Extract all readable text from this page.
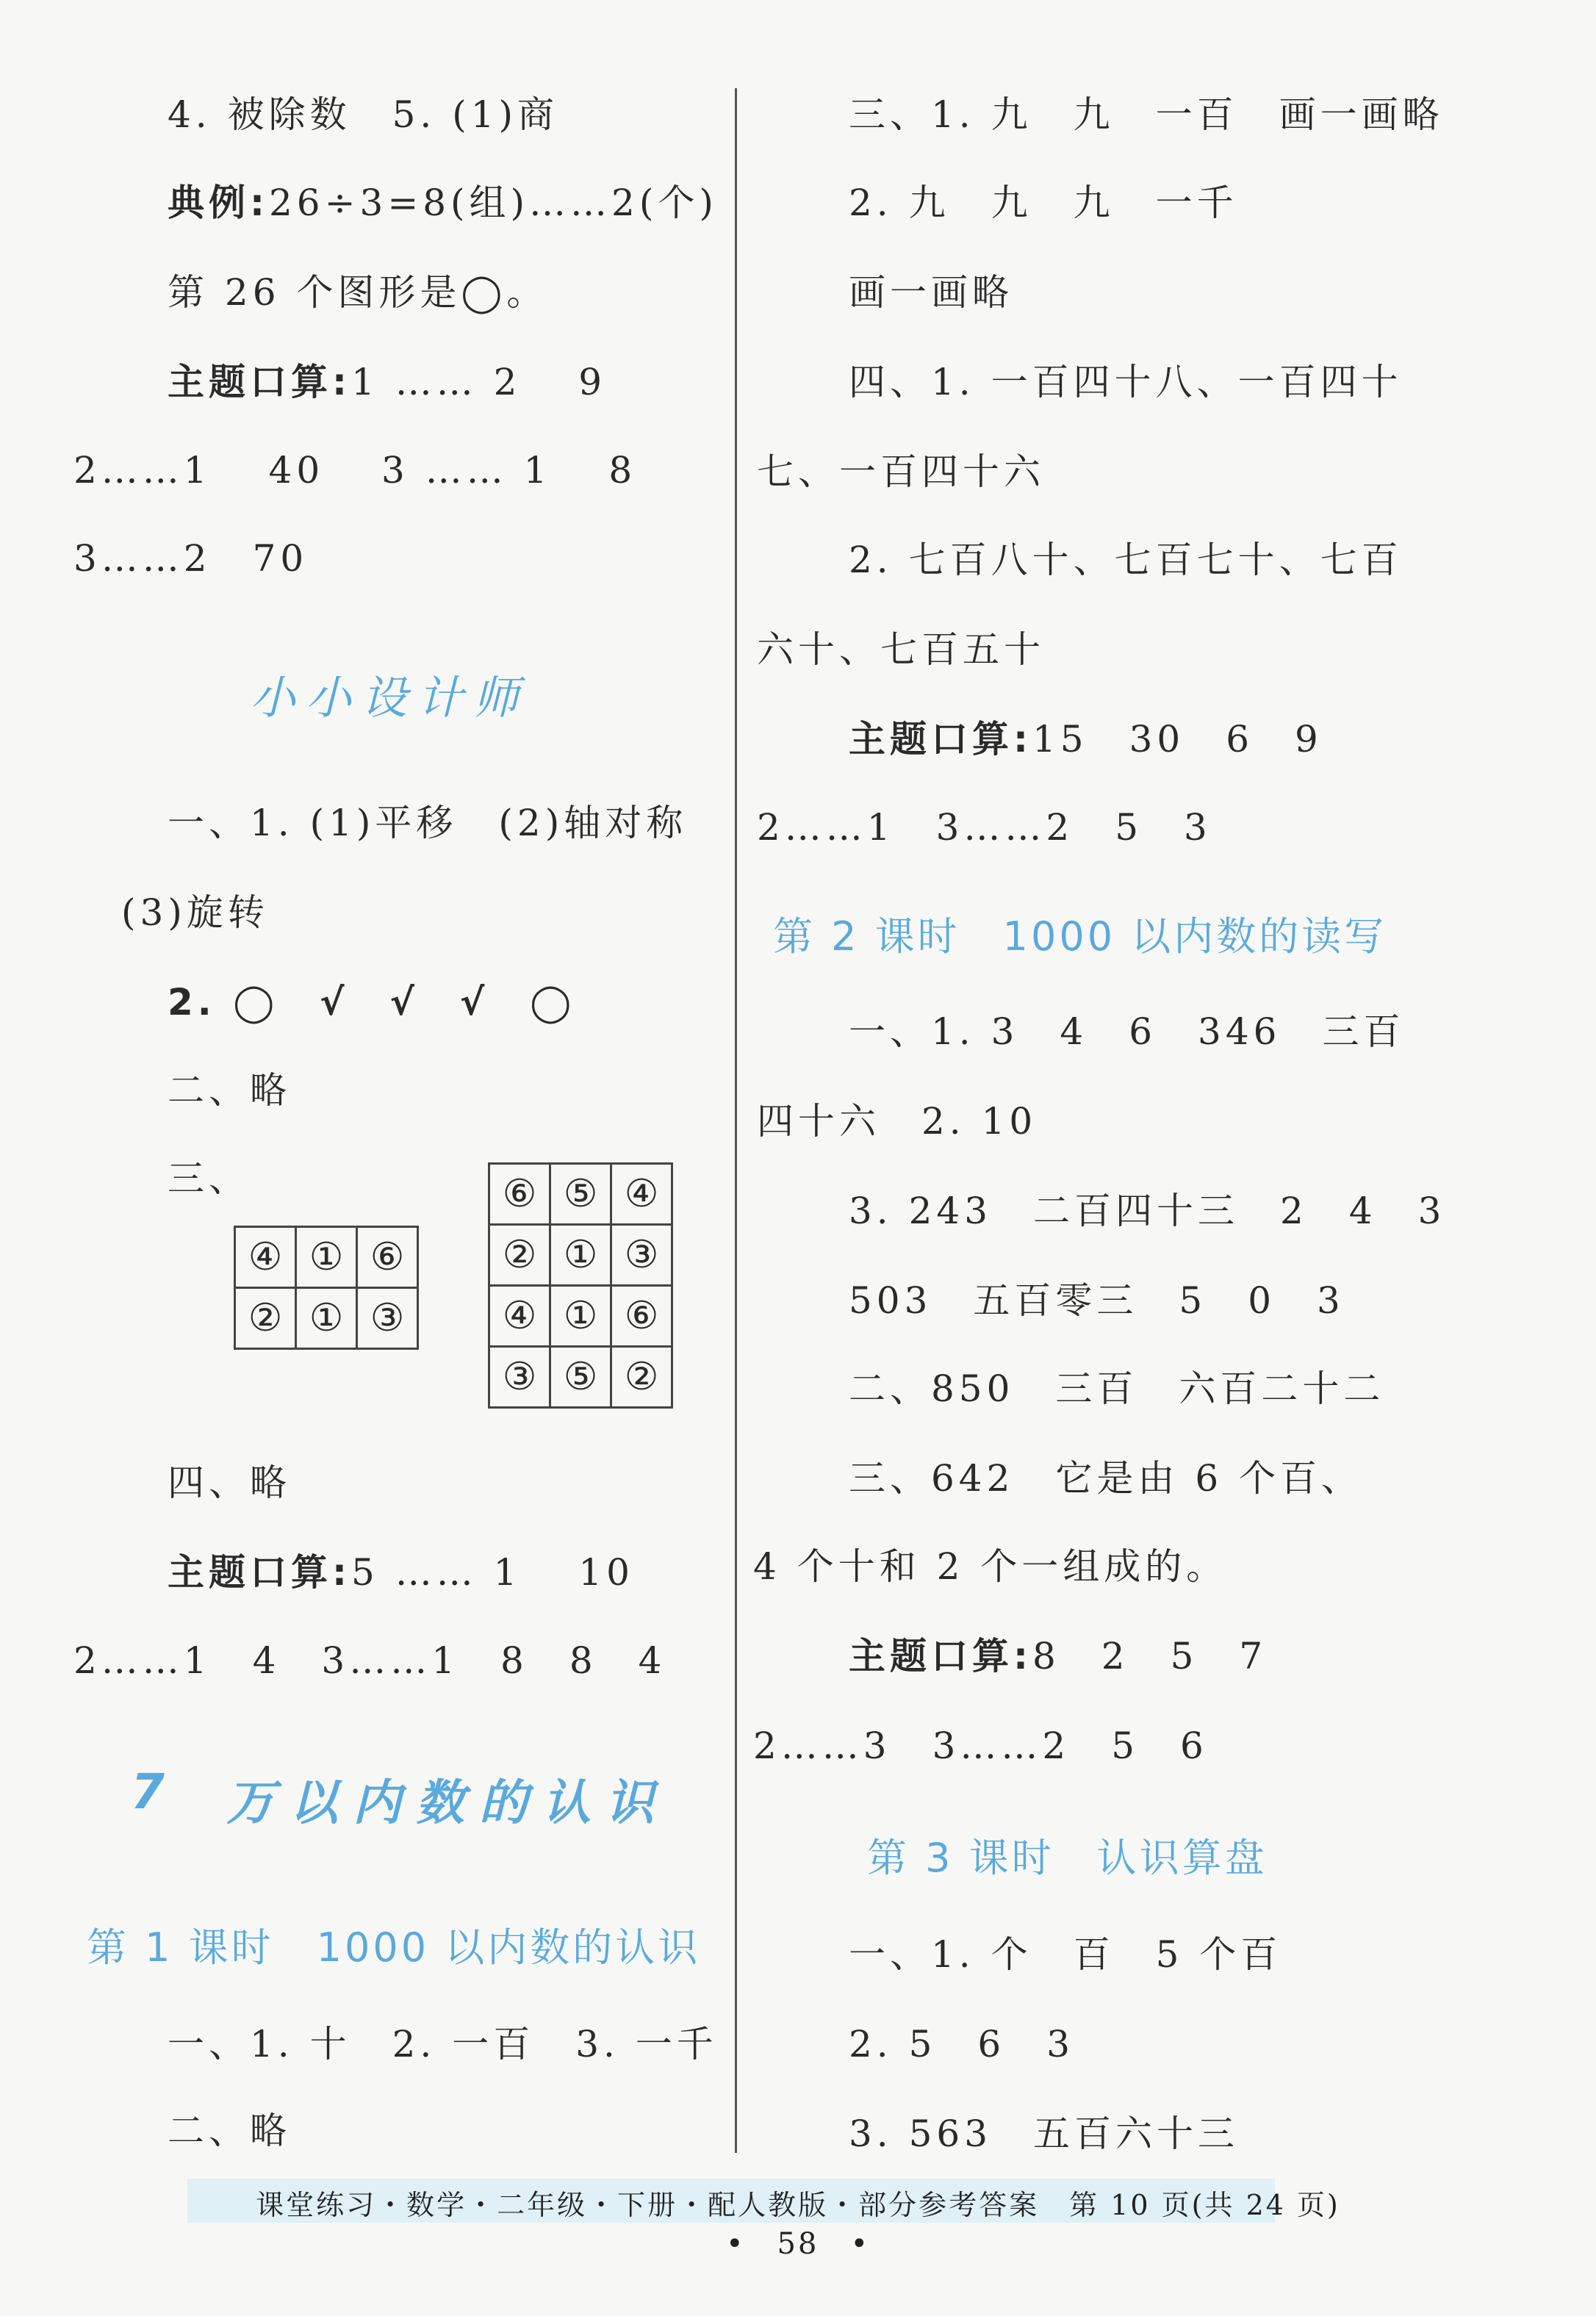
4. 被除数　5. (1)商
典例:26÷3=8(组)……2(个)
第 26 个图形是◯。
主题口算:1 …… 2　 9
2……1　 40　 3 …… 1　 8
3……2　70
小小设计师
一、1. (1)平移　(2)轴对称
(3)旋转
2. ◯　√　√　√　◯
二、略
三、
④	①	⑥
②	①	③
⑥	⑤	④
②	①	③
④	①	⑥
③	⑤	②
四、略
主题口算:5 …… 1　 10
2……1　4　3……1　8　8　4
7 万以内数的认识
第 1 课时　1000 以内数的认识
一、1. 十　2. 一百　3. 一千
二、略
三、1. 九　九　一百　画一画略
2. 九　九　九　一千
画一画略
四、1. 一百四十八、一百四十
七、一百四十六
2. 七百八十、七百七十、七百
六十、七百五十
主题口算:15　30　6　9
2……1　3……2　5　3
第 2 课时　1000 以内数的读写
一、1. 3　4　6　346　三百
四十六　2. 10
3. 243　二百四十三　2　4　3
503　五百零三　5　0　3
二、850　三百　六百二十二
三、642　它是由 6 个百、
4 个十和 2 个一组成的。
主题口算:8　2　5　7
2……3　3……2　5　6
第 3 课时　认识算盘
一、1. 个　百　5 个百
2. 5　6　3
3. 563　五百六十三
课堂练习・数学・二年级・下册・配人教版・部分参考答案　第 10 页(共 24 页)
•　58　•
